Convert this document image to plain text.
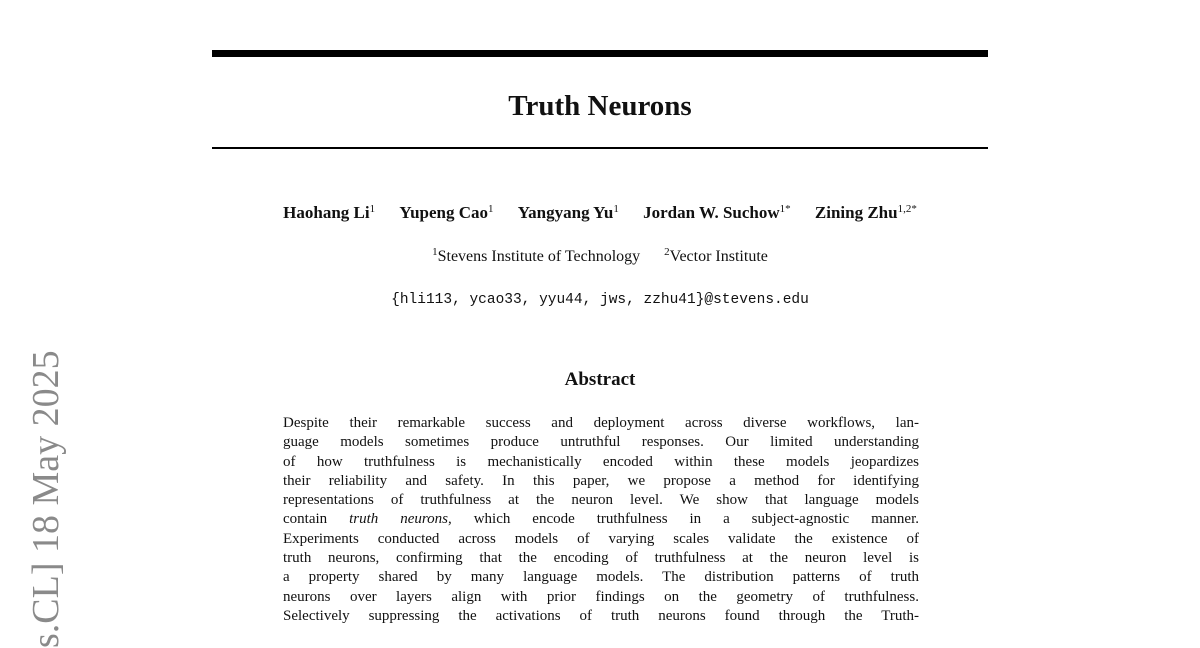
s.CL] 18 May 2025
Truth Neurons
Haohang Li$^1$ Yupeng Cao$^1$ Yangyang Yu$^1$ Jordan W. Suchow$^{1*}$ Zining Zhu$^{1,2*}$
$^1$Stevens Institute of Technology $^2$Vector Institute
{hli113, ycao33, yyu44, jws, zzhu41}@stevens.edu
Abstract
Despite their remarkable success and deployment across diverse workflows, lan-
guage models sometimes produce untruthful responses. Our limited understanding
of how truthfulness is mechanistically encoded within these models jeopardizes
their reliability and safety. In this paper, we propose a method for identifying
representations of truthfulness at the neuron level. We show that language models
contain truth neurons, which encode truthfulness in a subject-agnostic manner.
Experiments conducted across models of varying scales validate the existence of
truth neurons, confirming that the encoding of truthfulness at the neuron level is
a property shared by many language models. The distribution patterns of truth
neurons over layers align with prior findings on the geometry of truthfulness.
Selectively suppressing the activations of truth neurons found through the Truth-
